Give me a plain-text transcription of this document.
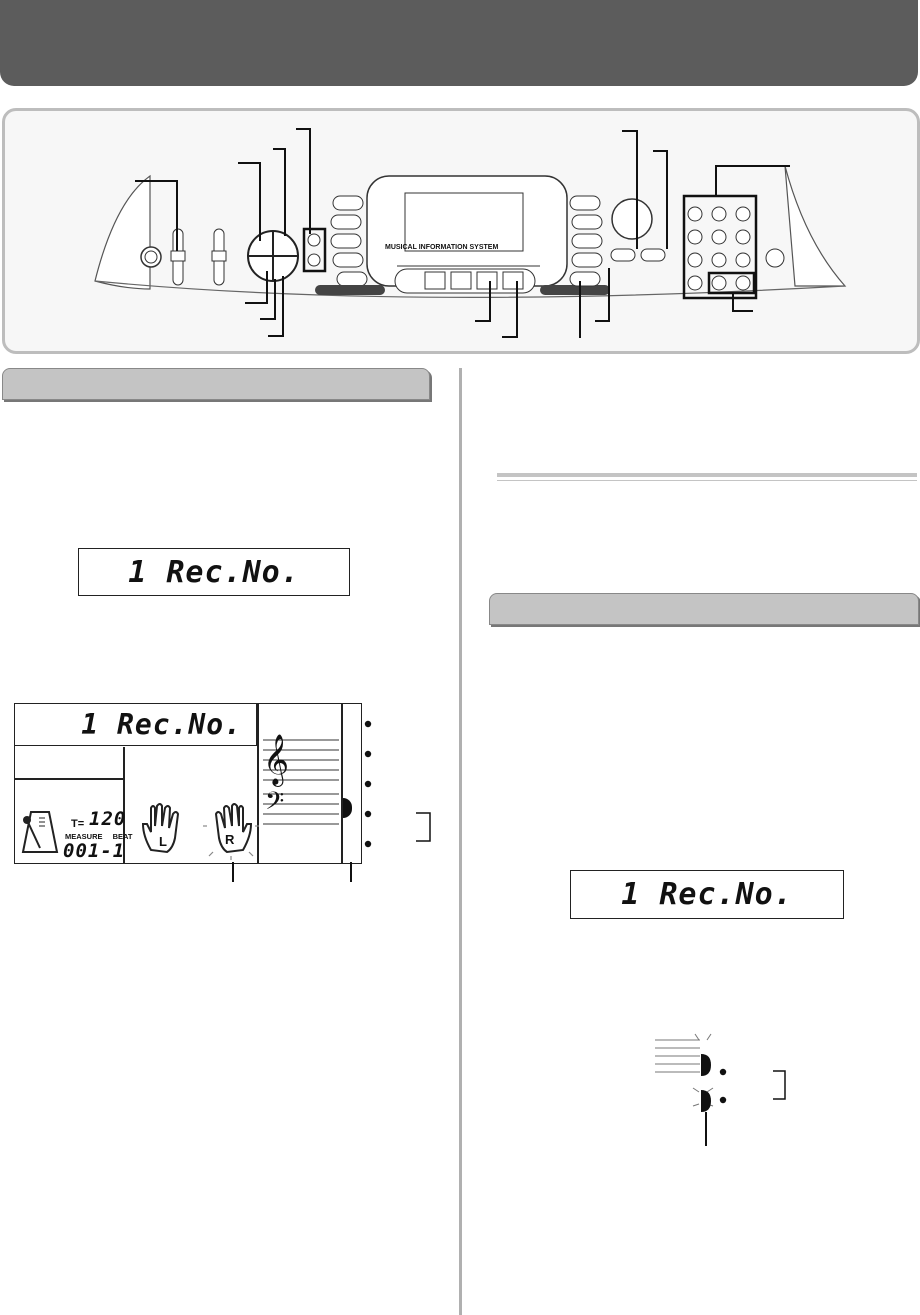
MUSICAL INFORMATION SYSTEM
1 Rec.No.
1 Rec.No.
T= 120
MEASURE BEAT
001-1	L	R
𝄞
𝄢
1 Rec.No.
